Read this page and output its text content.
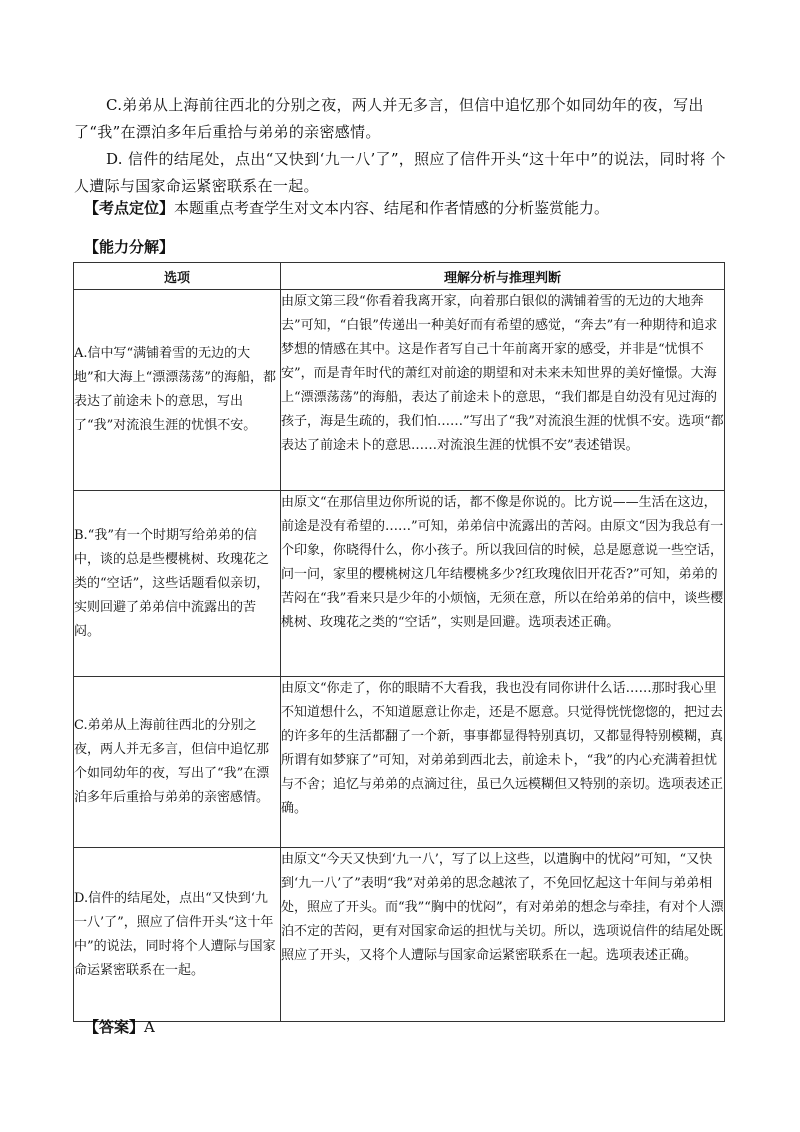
C.弟弟从上海前往西北的分别之夜，两人并无多言，但信中追忆那个如同幼年的夜，写出了“我”在漂泊多年后重拾与弟弟的亲密感情。
D. 信件的结尾处，点出“又快到‘九一八’了”，照应了信件开头“这十年中”的说法，同时将 个人遭际与国家命运紧密联系在一起。
【考点定位】本题重点考查学生对文本内容、结尾和作者情感的分析鉴赏能力。
【能力分解】
选项	理解分析与推理判断
A.信中写“满铺着雪的无边的大地”和大海上“漂漂荡荡”的海船，都表达了前途未卜的意思，写出了“我”对流浪生涯的忧惧不安。	由原文第三段“你看着我离开家，向着那白银似的满铺着雪的无边的大地奔去”可知，“白银”传递出一种美好而有希望的感觉，“奔去”有一种期待和追求梦想的情感在其中。这是作者写自己十年前离开家的感受，并非是“忧惧不安”，而是青年时代的萧红对前途的期望和对未来未知世界的美好憧憬。大海上“漂漂荡荡”的海船，表达了前途未卜的意思，“我们都是自幼没有见过海的孩子，海是生疏的，我们怕……”写出了“我”对流浪生涯的忧惧不安。选项“都表达了前途未卜的意思……对流浪生涯的忧惧不安”表述错误。
B.“我”有一个时期写给弟弟的信中，谈的总是些樱桃树、玫瑰花之类的“空话”，这些话题看似亲切，实则回避了弟弟信中流露出的苦闷。	由原文“在那信里边你所说的话，都不像是你说的。比方说——生活在这边，前途是没有希望的……”可知，弟弟信中流露出的苦闷。由原文“因为我总有一个印象，你晓得什么，你小孩子。所以我回信的时候，总是愿意说一些空话，问一问，家里的樱桃树这几年结樱桃多少?红玫瑰依旧开花否?”可知，弟弟的苦闷在“我”看来只是少年的小烦恼，无须在意，所以在给弟弟的信中，谈些樱桃树、玫瑰花之类的“空话”，实则是回避。选项表述正确。
C.弟弟从上海前往西北的分别之夜，两人并无多言，但信中追忆那个如同幼年的夜，写出了“我”在漂泊多年后重拾与弟弟的亲密感情。	由原文“你走了，你的眼睛不大看我，我也没有同你讲什么话……那时我心里不知道想什么，不知道愿意让你走，还是不愿意。只觉得恍恍惚惚的，把过去的许多年的生活都翻了一个新，事事都显得特别真切，又都显得特别模糊，真所谓有如梦寐了”可知，对弟弟到西北去，前途未卜，“我”的内心充满着担忧与不舍；追忆与弟弟的点滴过往，虽已久远模糊但又特别的亲切。选项表述正确。
D.信件的结尾处，点出“又快到‘九一八’了”，照应了信件开头“这十年中”的说法，同时将个人遭际与国家命运紧密联系在一起。	由原文“今天又快到‘九一八’，写了以上这些，以遣胸中的忧闷”可知，“又快到‘九一八’了”表明“我”对弟弟的思念越浓了，不免回忆起这十年间与弟弟相处，照应了开头。而“我”“胸中的忧闷”，有对弟弟的想念与牵挂，有对个人漂泊不定的苦闷，更有对国家命运的担忧与关切。所以，选项说信件的结尾处既照应了开头，又将个人遭际与国家命运紧密联系在一起。选项表述正确。
【答案】A
